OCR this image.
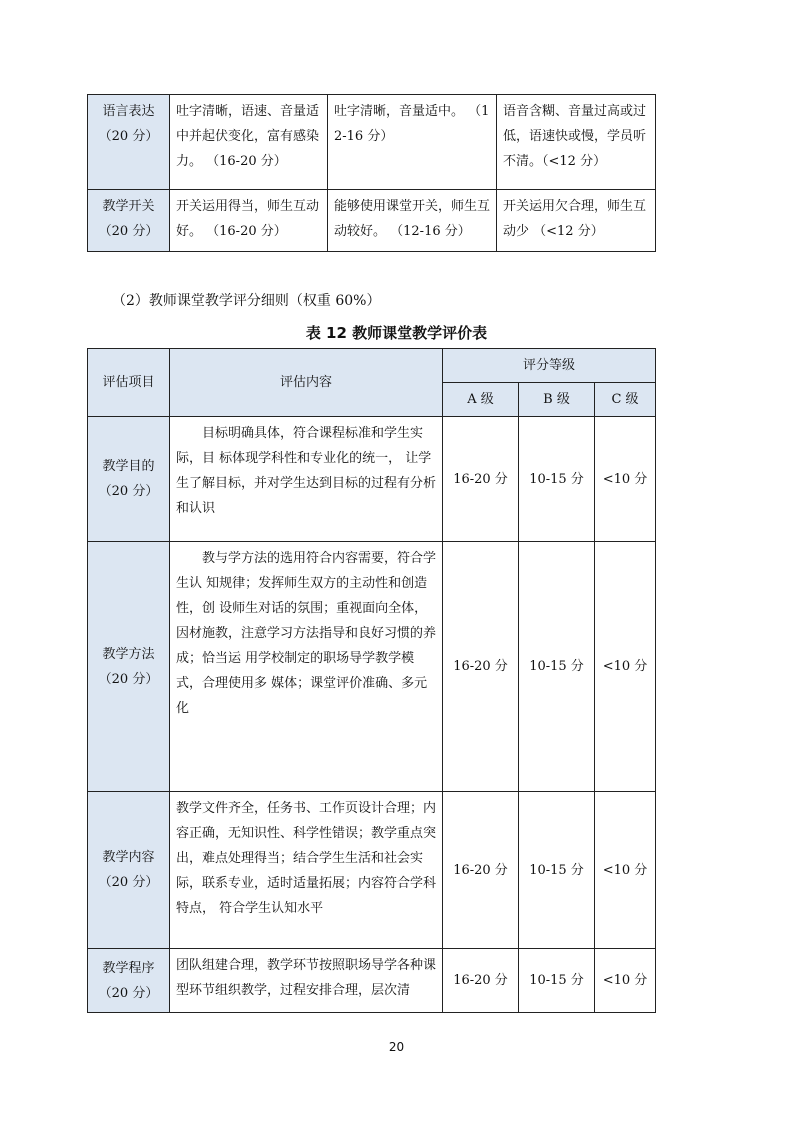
语言表达
（20 分）	吐字清晰，语速、音量适中并起伏变化，富有感染力。 （16-20 分）	吐字清晰，音量适中。 （12-16 分）	语音含糊、音量过高或过 低，语速快或慢，学员听 不清。（<12 分）

教学开关
（20 分）	开关运用得当，师生互动好。 （16-20 分）	能够使用课堂开关，师生互动较好。 （12-16 分）	开关运用欠合理，师生互动少 （<12 分）
（2）教师课堂教学评分细则（权重 60%）
表 12 教师课堂教学评价表
评估项目	评估内容	评分等级		
		A 级	B 级	C 级

教学目的
（20 分）	目标明确具体，符合课程标准和学生实际，目 标体现学科性和专业化的统一， 让学生了解目标，并对学生达到目标的过程有分析和认识	16-20 分	10-15 分	<10 分

教学方法
（20 分）	教与学方法的选用符合内容需要，符合学生认 知规律；发挥师生双方的主动性和创造性，创 设师生对话的氛围；重视面向全体，因材施教，注意学习方法指导和良好习惯的养成；恰当运 用学校制定的职场导学教学模式，合理使用多 媒体；课堂评价准确、多元化	16-20 分	10-15 分	<10 分

教学内容
（20 分）	教学文件齐全，任务书、工作页设计合理；内 容正确，无知识性、科学性错误；教学重点突出，难点处理得当；结合学生生活和社会实际，联系专业，适时适量拓展；内容符合学科特点， 符合学生认知水平	16-20 分	10-15 分	<10 分

教学程序
（20 分）	团队组建合理，教学环节按照职场导学各种课型环节组织教学，过程安排合理，层次清	16-20 分	10-15 分	<10 分
20
